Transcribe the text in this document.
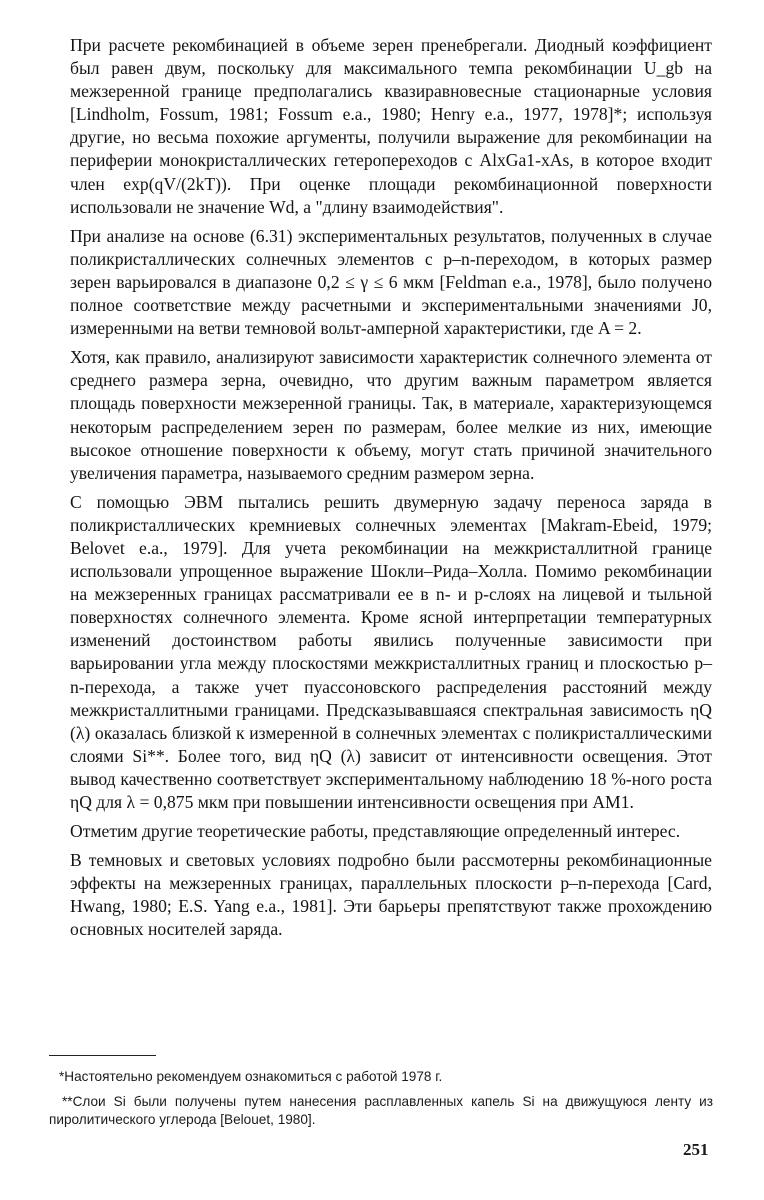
При расчете рекомбинацией в объеме зерен пренебрегали. Диодный коэффициент был равен двум, поскольку для максимального темпа рекомбинации U_gb на межзеренной границе предполагались квазиравновесные стационарные условия [Lindholm, Fossum, 1981; Fossum e.a., 1980; Henry e.a., 1977, 1978]*; используя другие, но весьма похожие аргументы, получили выражение для рекомбинации на периферии монокристаллических гетеропереходов с AlxGa1-xAs, в которое входит член exp(qV/(2kT)). При оценке площади рекомбинационной поверхности использовали не значение Wd, а "длину взаимодействия".

При анализе на основе (6.31) экспериментальных результатов, полученных в случае поликристаллических солнечных элементов с p–n-переходом, в которых размер зерен варьировался в диапазоне 0,2 ≤ γ ≤ 6 мкм [Feldman e.a., 1978], было получено полное соответствие между расчетными и экспериментальными значениями J0, измеренными на ветви темновой вольт-амперной характеристики, где A = 2.

Хотя, как правило, анализируют зависимости характеристик солнечного элемента от среднего размера зерна, очевидно, что другим важным параметром является площадь поверхности межзеренной границы. Так, в материале, характеризующемся некоторым распределением зерен по размерам, более мелкие из них, имеющие высокое отношение поверхности к объему, могут стать причиной значительного увеличения параметра, называемого средним размером зерна.

С помощью ЭВМ пытались решить двумерную задачу переноса заряда в поликристаллических кремниевых солнечных элементах [Makram-Ebeid, 1979; Belovet e.a., 1979]. Для учета рекомбинации на межкристаллитной границе использовали упрощенное выражение Шокли–Рида–Холла. Помимо рекомбинации на межзеренных границах рассматривали ее в n- и p-слоях на лицевой и тыльной поверхностях солнечного элемента. Кроме ясной интерпретации температурных изменений достоинством работы явились полученные зависимости при варьировании угла между плоскостями межкристаллитных границ и плоскостью p–n-перехода, а также учет пуассоновского распределения расстояний между межкристаллитными границами. Предсказывавшаяся спектральная зависимость ηQ (λ) оказалась близкой к измеренной в солнечных элементах с поликристаллическими слоями Si**. Более того, вид ηQ (λ) зависит от интенсивности освещения. Этот вывод качественно соответствует экспериментальному наблюдению 18 %-ного роста ηQ для λ = 0,875 мкм при повышении интенсивности освещения при AM1.

Отметим другие теоретические работы, представляющие определенный интерес.

В темновых и световых условиях подробно были рассмотерны рекомбинационные эффекты на межзеренных границах, параллельных плоскости p–n-перехода [Card, Hwang, 1980; E.S. Yang e.a., 1981]. Эти барьеры препятствуют также прохождению основных носителей заряда.

*Настоятельно рекомендуем ознакомиться с работой 1978 г.

**Слои Si были получены путем нанесения расплавленных капель Si на движущуюся ленту из пиролитического углерода [Belouet, 1980].

251
